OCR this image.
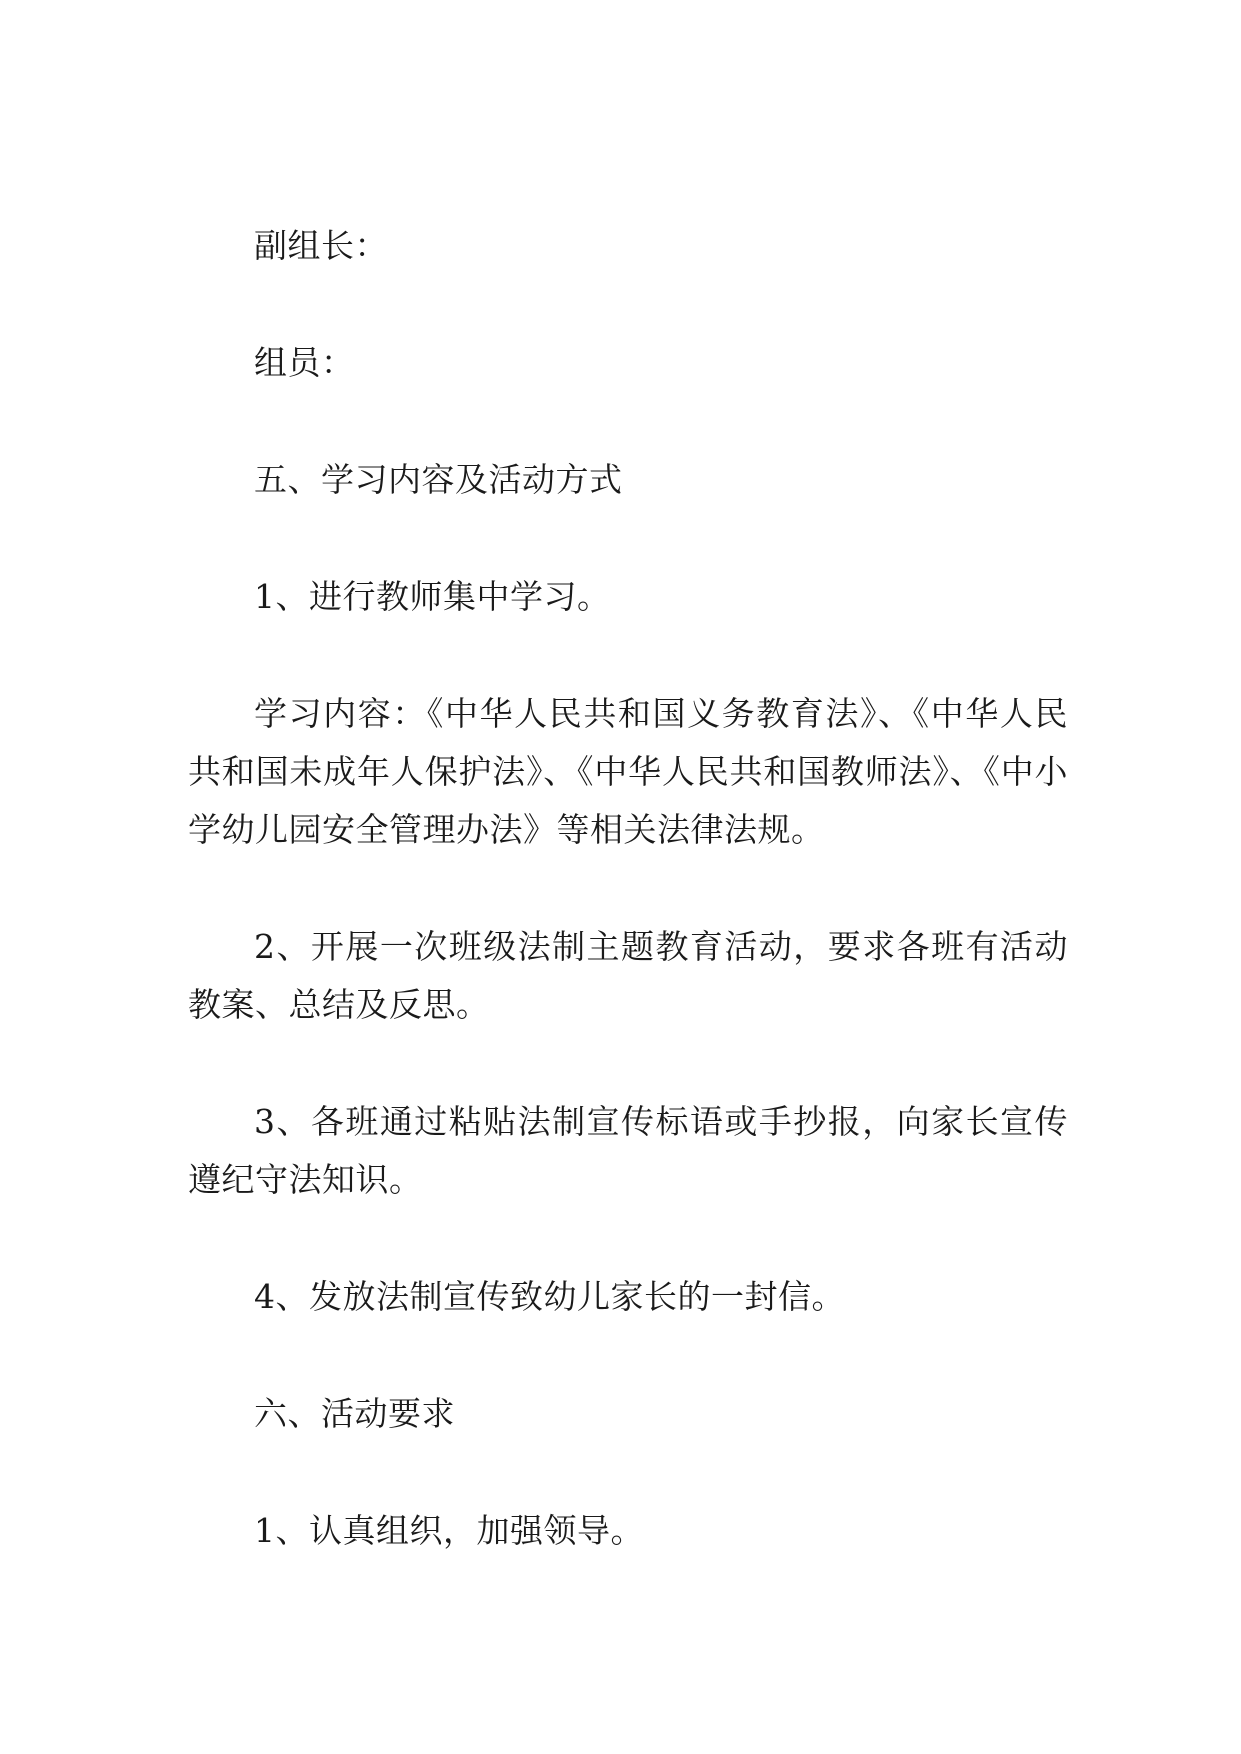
副组长：

组员：

五、学习内容及活动方式

1、进行教师集中学习。

学习内容：《中华人民共和国义务教育法》、《中华人民共和国未成年人保护法》、《中华人民共和国教师法》、《中小学幼儿园安全管理办法》等相关法律法规。

2、开展一次班级法制主题教育活动，要求各班有活动教案、总结及反思。

3、各班通过粘贴法制宣传标语或手抄报，向家长宣传遵纪守法知识。

4、发放法制宣传致幼儿家长的一封信。

六、活动要求

1、认真组织，加强领导。
